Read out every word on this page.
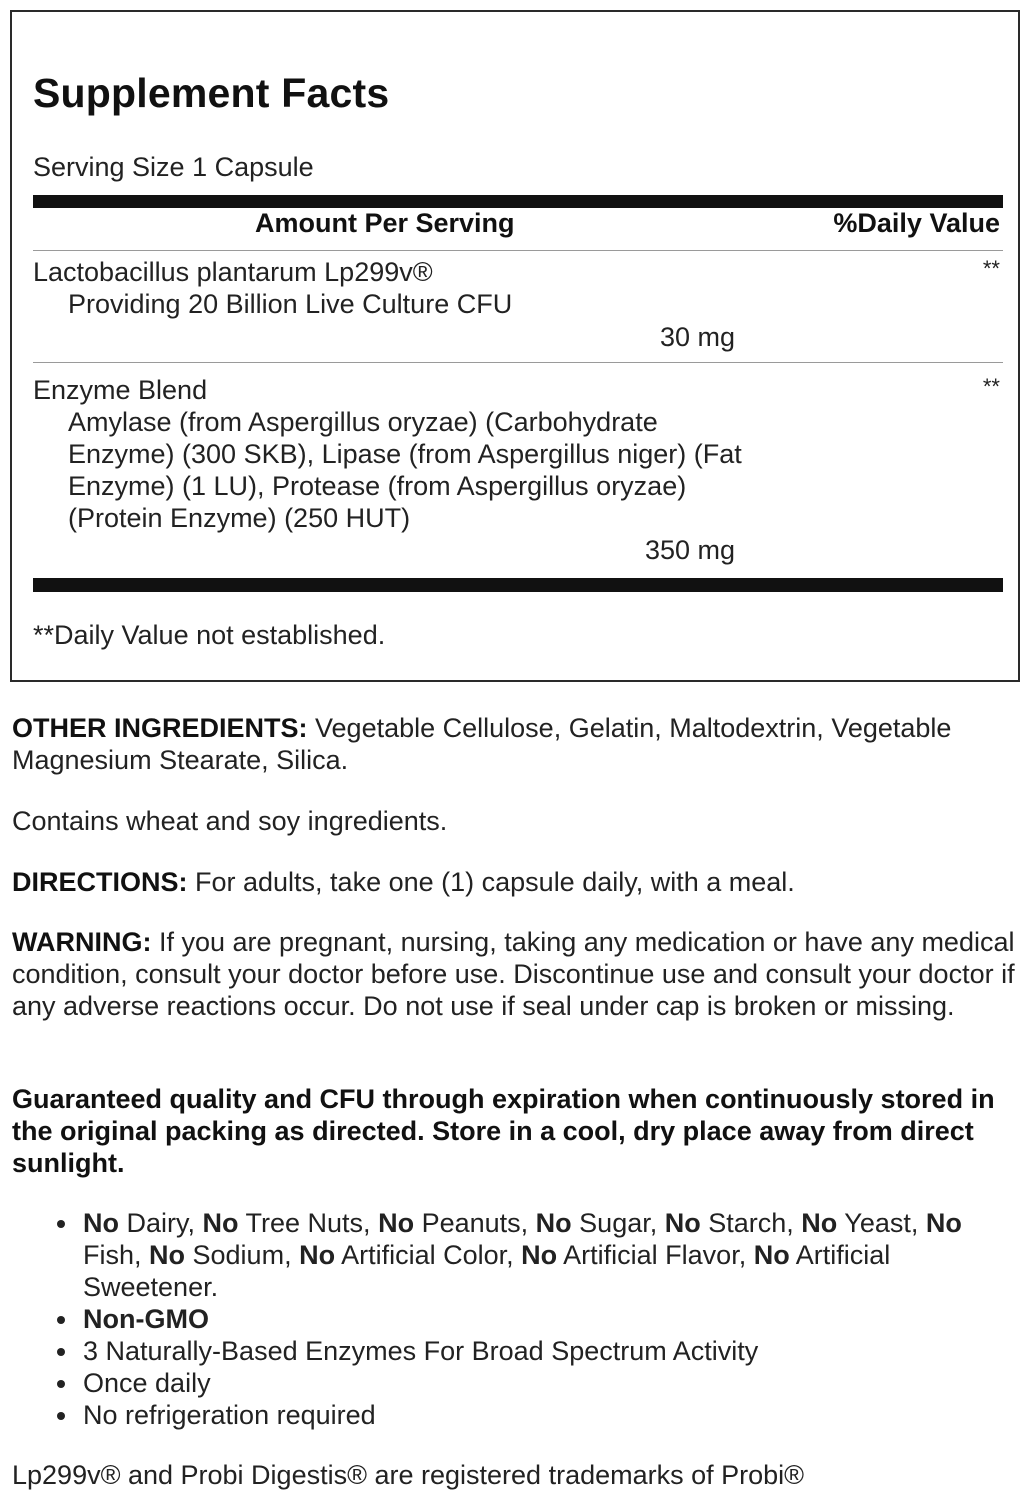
Supplement Facts
Serving Size 1 Capsule
Amount Per Serving	%Daily Value
Lactobacillus plantarum Lp299v®
Providing 20 Billion Live Culture CFU
30 mg
**
Enzyme Blend
Amylase (from Aspergillus oryzae) (Carbohydrate Enzyme) (300 SKB), Lipase (from Aspergillus niger) (Fat Enzyme) (1 LU), Protease (from Aspergillus oryzae) (Protein Enzyme) (250 HUT)
350 mg
**
**Daily Value not established.
OTHER INGREDIENTS: Vegetable Cellulose, Gelatin, Maltodextrin, Vegetable Magnesium Stearate, Silica.
Contains wheat and soy ingredients.
DIRECTIONS: For adults, take one (1) capsule daily, with a meal.
WARNING: If you are pregnant, nursing, taking any medication or have any medical condition, consult your doctor before use. Discontinue use and consult your doctor if any adverse reactions occur. Do not use if seal under cap is broken or missing.
Guaranteed quality and CFU through expiration when continuously stored in the original packing as directed. Store in a cool, dry place away from direct sunlight.
No Dairy, No Tree Nuts, No Peanuts, No Sugar, No Starch, No Yeast, No Fish, No Sodium, No Artificial Color, No Artificial Flavor, No Artificial Sweetener.
Non-GMO
3 Naturally-Based Enzymes For Broad Spectrum Activity
Once daily
No refrigeration required
Lp299v® and Probi Digestis® are registered trademarks of Probi®
